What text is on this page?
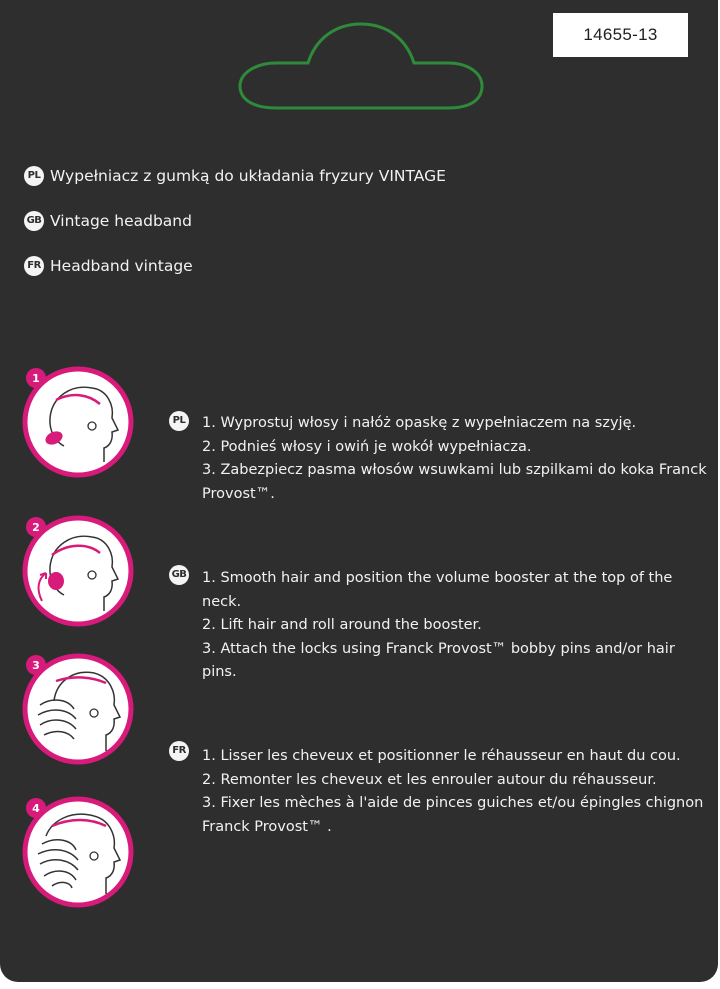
14655-13
PL Wypełniacz z gumką do układania fryzury VINTAGE
GB Vintage headband
FR Headband vintage
1
2
3
4
PL 1. Wyprostuj włosy i nałóż opaskę z wypełniaczem na szyję.

2. Podnieś włosy i owiń je wokół wypełniacza.

3. Zabezpiecz pasma włosów wsuwkami lub szpilkami do koka Franck Provost™.

GB 1. Smooth hair and position the volume booster at the top of the neck.

2. Lift hair and roll around the booster.

3. Attach the locks using Franck Provost™ bobby pins and/or hair pins.

FR 1. Lisser les cheveux et positionner le réhausseur en haut du cou.

2. Remonter les cheveux et les enrouler autour du réhausseur.

3. Fixer les mèches à l'aide de pinces guiches et/ou épingles chignon Franck Provost™ .
